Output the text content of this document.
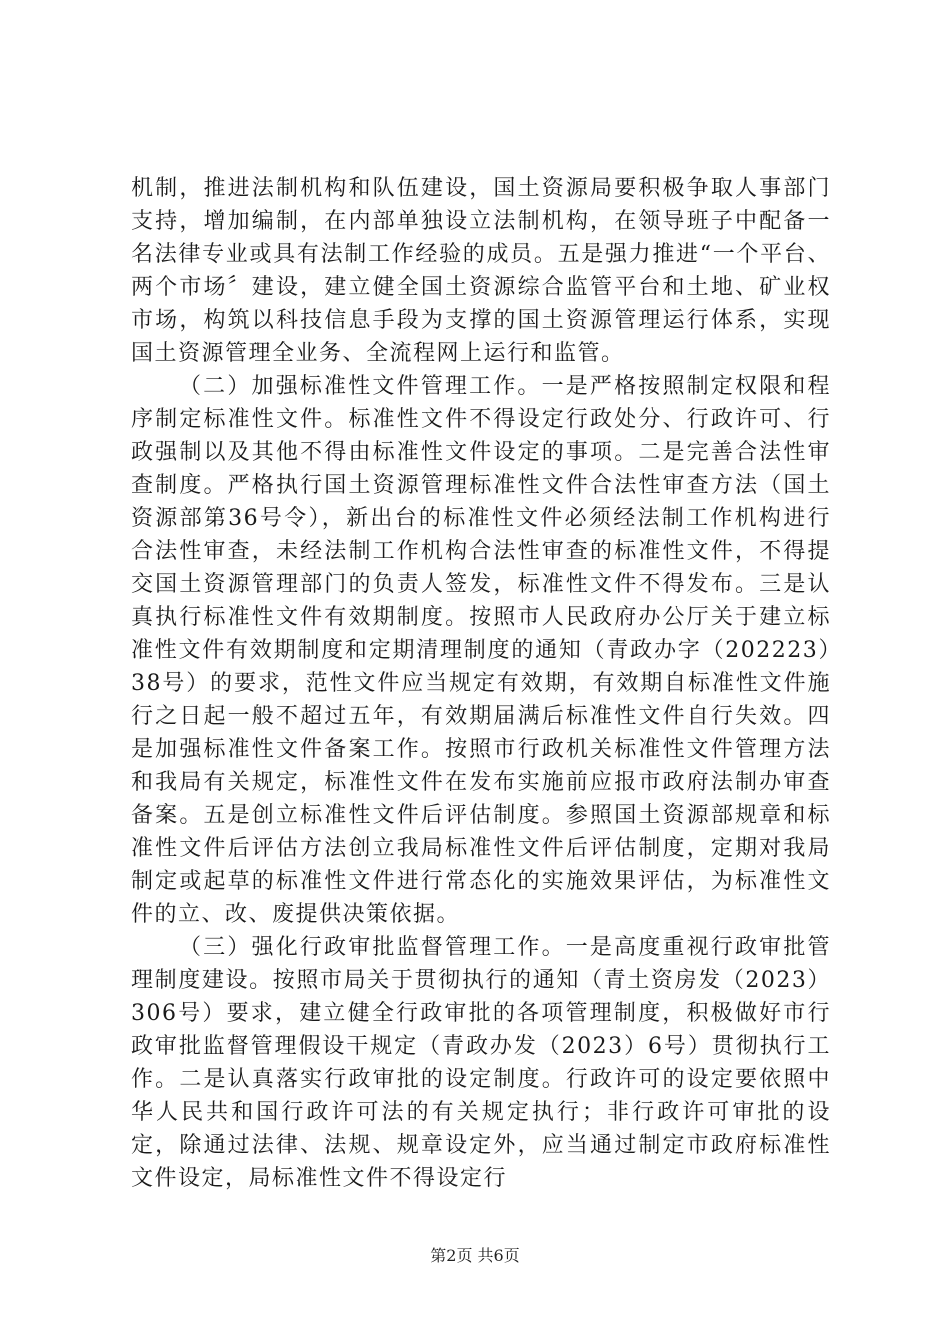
机制，推进法制机构和队伍建设，国土资源局要积极争取人事部门支持，增加编制，在内部单独设立法制机构，在领导班子中配备一名法律专业或具有法制工作经验的成员。五是强力推进“一个平台、两个市场〞建设，建立健全国土资源综合监管平台和土地、矿业权市场，构筑以科技信息手段为支撑的国土资源管理运行体系，实现国土资源管理全业务、全流程网上运行和监管。

（二）加强标准性文件管理工作。一是严格按照制定权限和程序制定标准性文件。标准性文件不得设定行政处分、行政许可、行政强制以及其他不得由标准性文件设定的事项。二是完善合法性审查制度。严格执行国土资源管理标准性文件合法性审查方法（国土资源部第36号令），新出台的标准性文件必须经法制工作机构进行合法性审查，未经法制工作机构合法性审查的标准性文件，不得提交国土资源管理部门的负责人签发，标准性文件不得发布。三是认真执行标准性文件有效期制度。按照市人民政府办公厅关于建立标准性文件有效期制度和定期清理制度的通知（青政办字（202223）38号）的要求，范性文件应当规定有效期，有效期自标准性文件施行之日起一般不超过五年，有效期届满后标准性文件自行失效。四是加强标准性文件备案工作。按照市行政机关标准性文件管理方法和我局有关规定，标准性文件在发布实施前应报市政府法制办审查备案。五是创立标准性文件后评估制度。参照国土资源部规章和标准性文件后评估方法创立我局标准性文件后评估制度，定期对我局制定或起草的标准性文件进行常态化的实施效果评估，为标准性文件的立、改、废提供决策依据。

（三）强化行政审批监督管理工作。一是高度重视行政审批管理制度建设。按照市局关于贯彻执行的通知（青土资房发（2023）306号）要求，建立健全行政审批的各项管理制度，积极做好市行政审批监督管理假设干规定（青政办发（2023）6号）贯彻执行工作。二是认真落实行政审批的设定制度。行政许可的设定要依照中华人民共和国行政许可法的有关规定执行；非行政许可审批的设定，除通过法律、法规、规章设定外，应当通过制定市政府标准性文件设定，局标准性文件不得设定行

第2页 共6页
